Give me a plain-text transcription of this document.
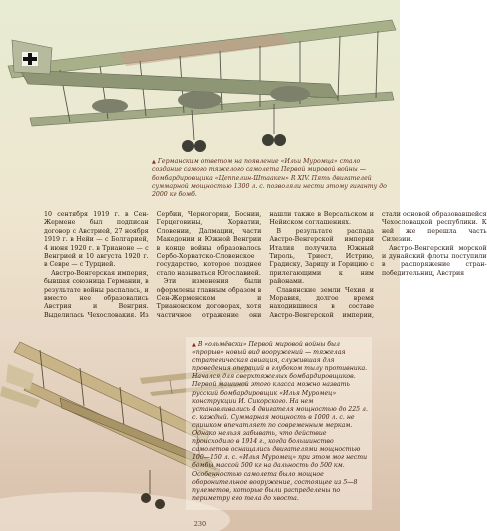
▲ Германским ответом на появление «Ильи Муромца» стало создание самого тяжелого самолета Первой мировой войны — бомбардировщика «Цеппелин-Штаакен» R XIV. Пять двигателей суммарной мощностью 1300 л. с. позволяли нести этому гиганту до 2000 кг бомб.

10 сентября 1919 г. в Сен-Жермене был подписан договор с Австрией, 27 ноября 1919 г. в Нейи — с Болгарией, 4 июня 1920 г. в Трианоне — с Венгрией и 10 августа 1920 г. в Севре — с Турцией.

Австро-Венгерская империя, бывшая союзница Германии, в результате войны распалась, и вместо нее образовались Австрия и Венгрия. Выделилась Чехословакия. Из Сербии, Черногории, Боснии, Герцеговины, Хорватии, Словении, Далмации, части Македонии и Южной Венгрии в конце войны образовалось Сербо-Хорватско-Словенское государство, которое позднее стало называться Югославией.

Эти изменения были оформлены главным образом в Сен-Жерменском и Трианонском договорах, хотя частичное отражение они нашли также в Версальском и Нейиском соглашениях.

В результате распада Австро-Венгерской империи Италия получила Южный Тироль, Триест, Истрию, Градиску, Зарицу и Горицию с прилегающими к ним районами.

Славянские земли Чехия и Моравия, долгое время находившиеся в составе Австро-Венгерской империи, стали основой образовавшейся Чехословацкой республики. К ней же перешла часть Силезии.

Австро-Венгерский морской и дунайский флоты поступили в распоряжение стран-победительниц, Австрия

▲ В «ольмёвски» Первой мировой войны был «прорыв» новый вид вооружений — тяжелая стратегическая авиация, служившая для проведения операций в глубоком тылу противника. Начался для сверхтяжелых бомбардировщиков. Первой машиной этого класса можно назвать русский бомбардировщик «Илья Муромец» конструкции И. Сикорского. На нем устанавливались 4 двигателя мощностью до 225 л. с. каждый. Суммарная мощность в 1000 л. с. не слишком впечатляет по современным меркам. Однако нельзя забывать, что действие происходило в 1914 г., когда большинство самолетов оснащались двигателями мощностью 100—150 л. с. «Илья Муромец» при этом мог нести бомбы массой 500 кг на дальность до 500 км. Особенностью самолета было мощное оборонительное вооружение, состоящее из 5—8 пулеметов, которые были распределены по периметру его тела до хвоста.
230
